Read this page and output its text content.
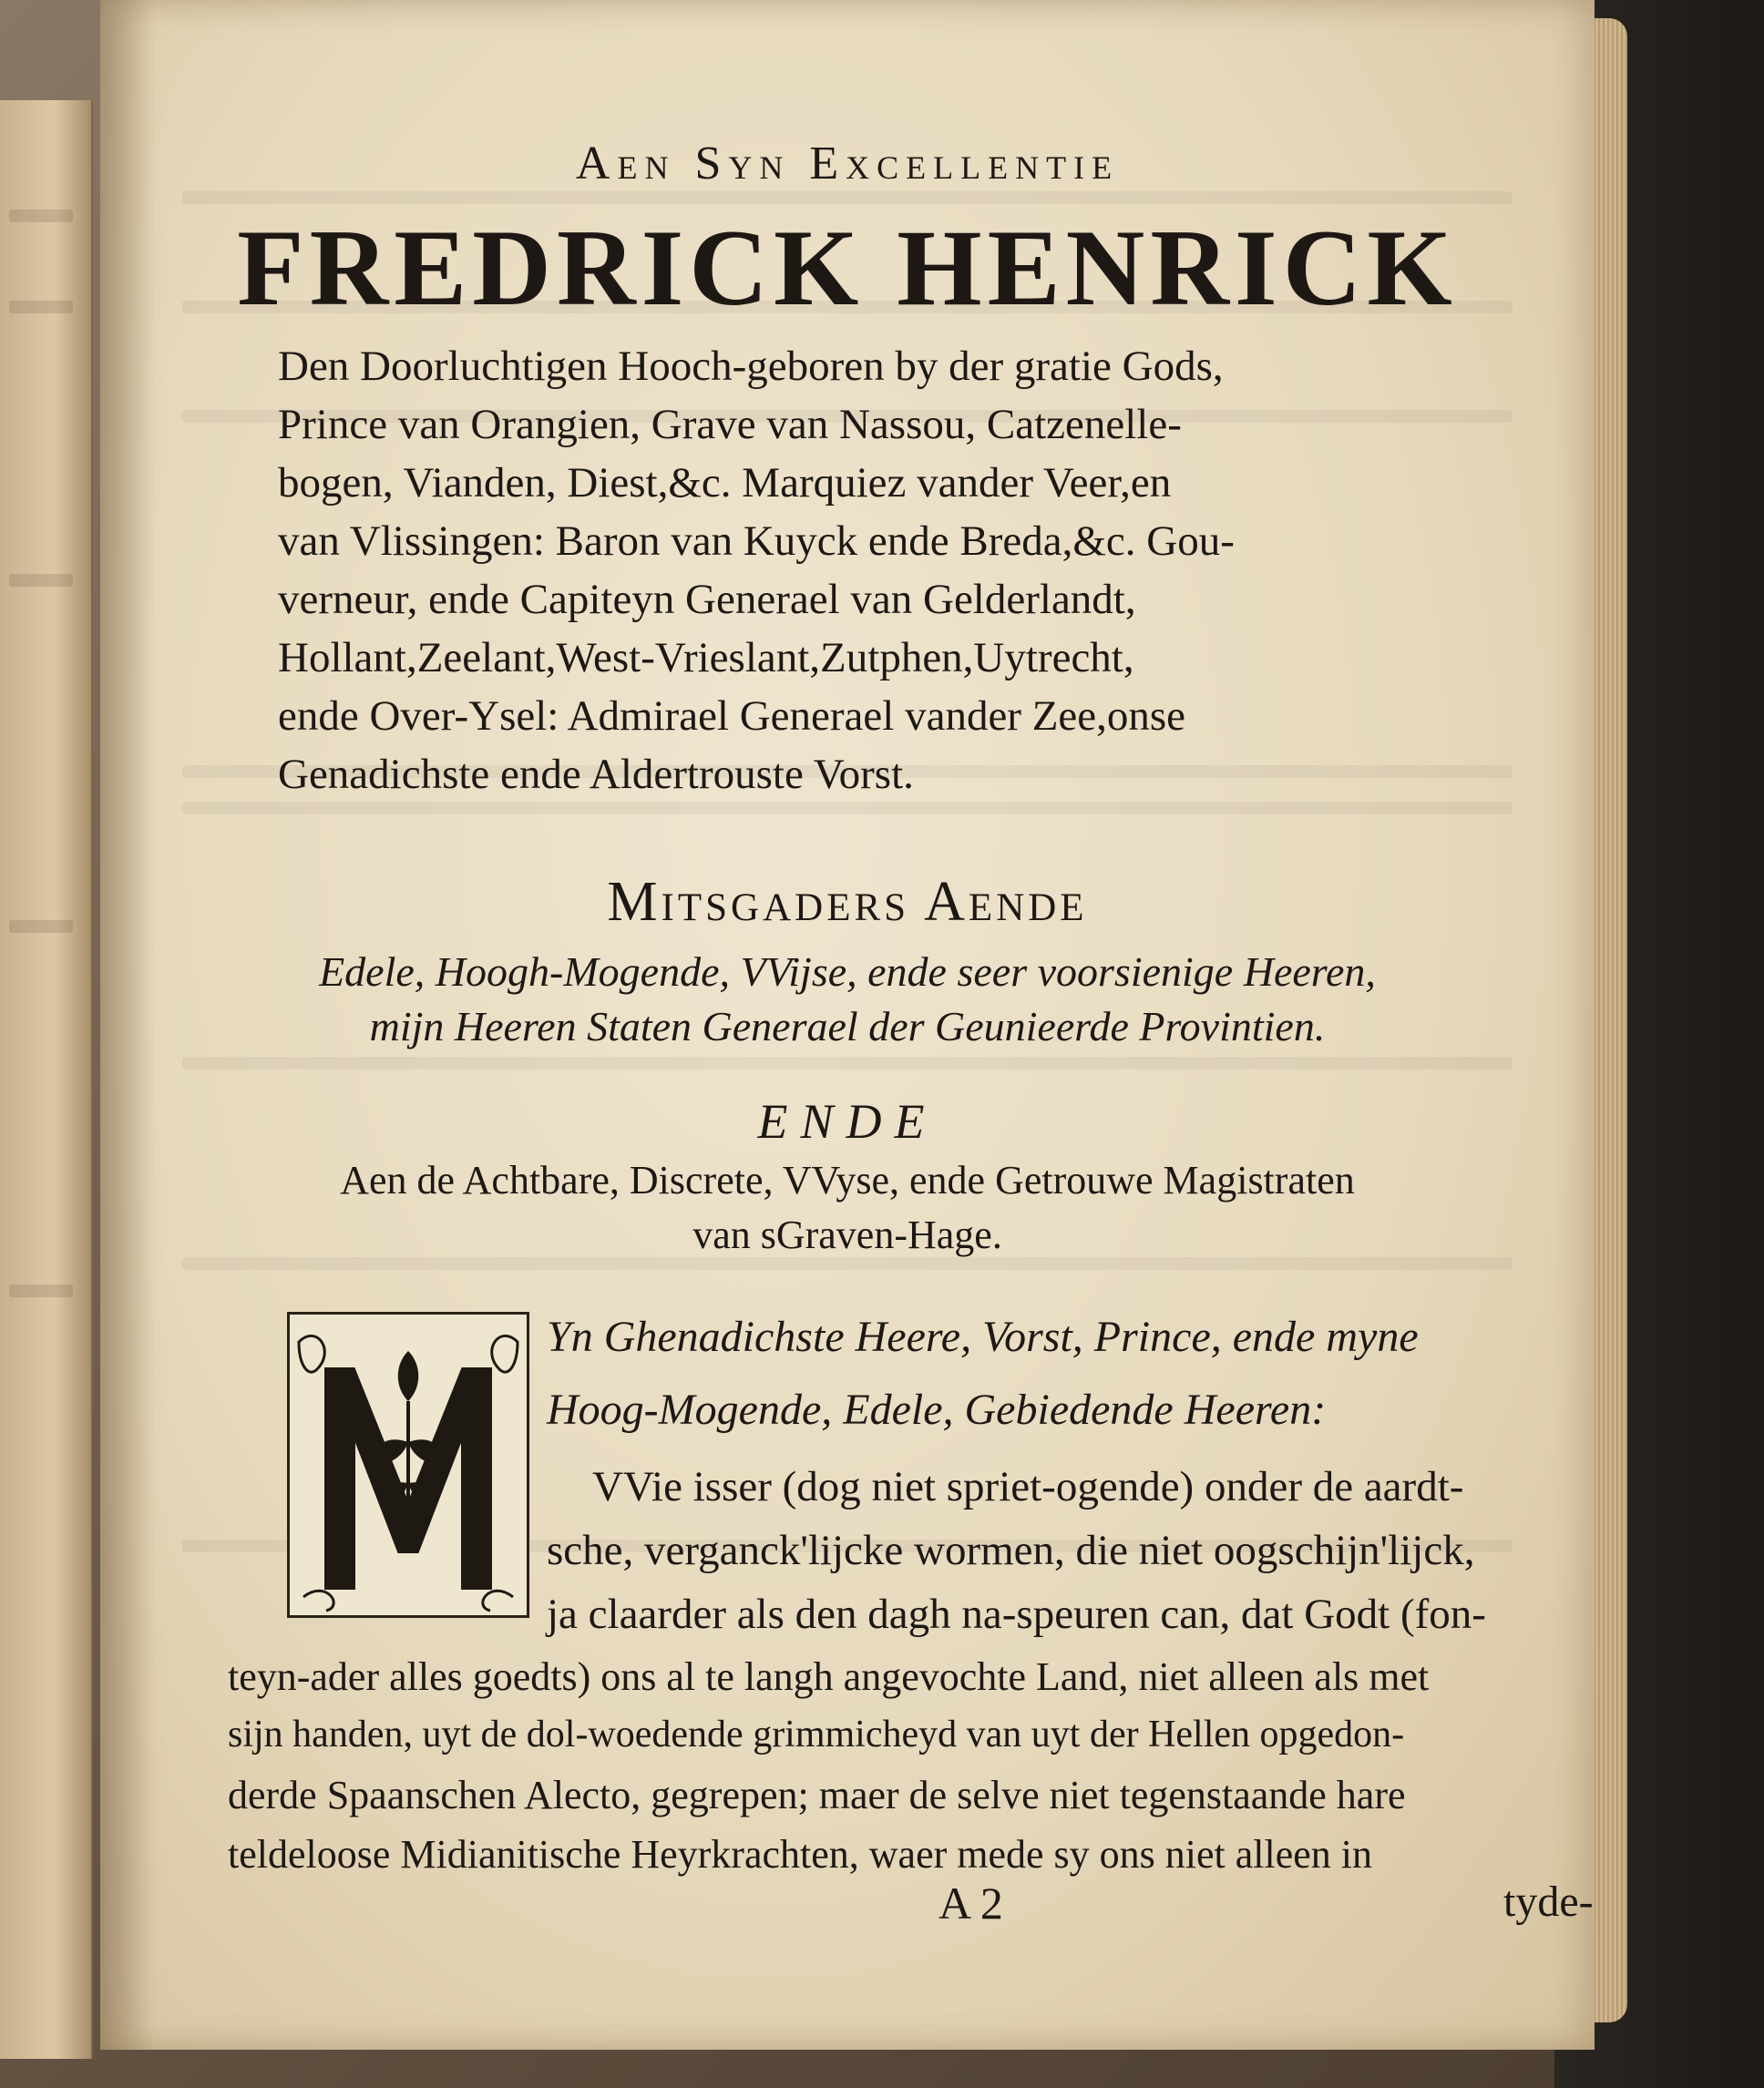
Aen Syn Excellentie
FREDRICK HENRICK
Den Doorluchtigen Hooch-geboren by der gratie Gods,
Prince van Orangien, Grave van Nassou, Catzenelle-
bogen, Vianden, Diest,&c. Marquiez vander Veer,en
van Vlissingen: Baron van Kuyck ende Breda,&c. Gou-
verneur, ende Capiteyn Generael van Gelderlandt,
Hollant,Zeelant,West-Vrieslant,Zutphen,Uytrecht,
ende Over-Ysel: Admirael Generael vander Zee,onse
Genadichste ende Aldertrouste Vorst.
Mitsgaders Aende
Edele, Hoogh-Mogende, VVijse, ende seer voorsienige Heeren,
mijn Heeren Staten Generael der Geunieerde Provintien.
ENDE
Aen de Achtbare, Discrete, VVyse, ende Getrouwe Magistraten
van sGraven-Hage.
Yn Ghenadichste Heere, Vorst, Prince, ende myne
Hoog-Mogende, Edele, Gebiedende Heeren:
VVie isser (dog niet spriet-ogende) onder de aardt-
sche, verganck'lijcke wormen, die niet oogschijn'lijck,
ja claarder als den dagh na-speuren can, dat Godt (fon-
teyn-ader alles goedts) ons al te langh angevochte Land, niet alleen als met
sijn handen, uyt de dol-woedende grimmicheyd van uyt der Hellen opgedon-
derde Spaanschen Alecto, gegrepen; maer de selve niet tegenstaande hare
teldeloose Midianitische Heyrkrachten, waer mede sy ons niet alleen in
A 2	tyde-
